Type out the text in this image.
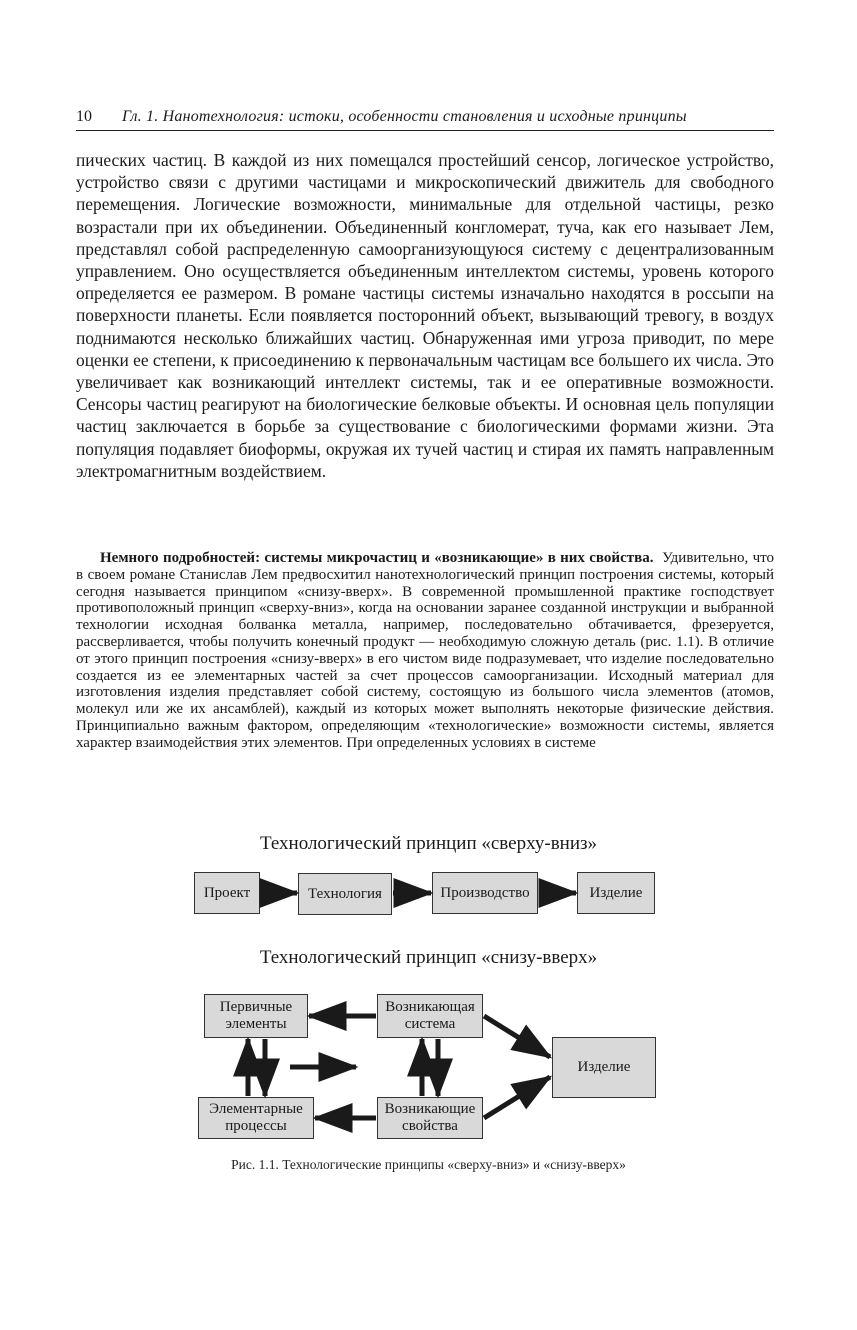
10 Гл. 1. Нанотехнология: истоки, особенности становления и исходные принципы

пических частиц. В каждой из них помещался простейший сенсор, логическое устройство, устройство связи с другими частицами и микроскопический движитель для свободного перемещения. Логические возможности, минимальные для отдельной частицы, резко возрастали при их объединении. Объединенный конгломерат, туча, как его называет Лем, представлял собой распределенную самоорганизующуюся систему с децентрализованным управлением. Оно осуществляется объединенным интеллектом системы, уровень которого определяется ее размером. В романе частицы системы изначально находятся в россыпи на поверхности планеты. Если появляется посторонний объект, вызывающий тревогу, в воздух поднимаются несколько ближайших частиц. Обнаруженная ими угроза приводит, по мере оценки ее степени, к присоединению к первоначальным частицам все большего их числа. Это увеличивает как возникающий интеллект системы, так и ее оперативные возможности. Сенсоры частиц реагируют на биологические белковые объекты. И основная цель популяции частиц заключается в борьбе за существование с биологическими формами жизни. Эта популяция подавляет биоформы, окружая их тучей частиц и стирая их память направленным электромагнитным воздействием.

Немного подробностей: системы микрочастиц и «возникающие» в них свойства. Удивительно, что в своем романе Станислав Лем предвосхитил нанотехнологический принцип построения системы, который сегодня называется принципом «снизу-вверх». В современной промышленной практике господствует противоположный принцип «сверху-вниз», когда на основании заранее созданной инструкции и выбранной технологии исходная болванка металла, например, последовательно обтачивается, фрезеруется, рассверливается, чтобы получить конечный продукт — необходимую сложную деталь (рис. 1.1). В отличие от этого принцип построения «снизу-вверх» в его чистом виде подразумевает, что изделие последовательно создается из ее элементарных частей за счет процессов самоорганизации. Исходный материал для изготовления изделия представляет собой систему, состоящую из большого числа элементов (атомов, молекул или же их ансамблей), каждый из которых может выполнять некоторые физические действия. Принципиально важным фактором, определяющим «технологические» возможности системы, является характер взаимодействия этих элементов. При определенных условиях в системе

Технологический принцип «сверху-вниз»
Проект	Технология	Производство	Изделие
Технологический принцип «снизу-вверх»
Первичные элементы
Возникающая система
Изделие
Элементарные процессы
Возникающие свойства
Рис. 1.1. Технологические принципы «сверху-вниз» и «снизу-вверх»
